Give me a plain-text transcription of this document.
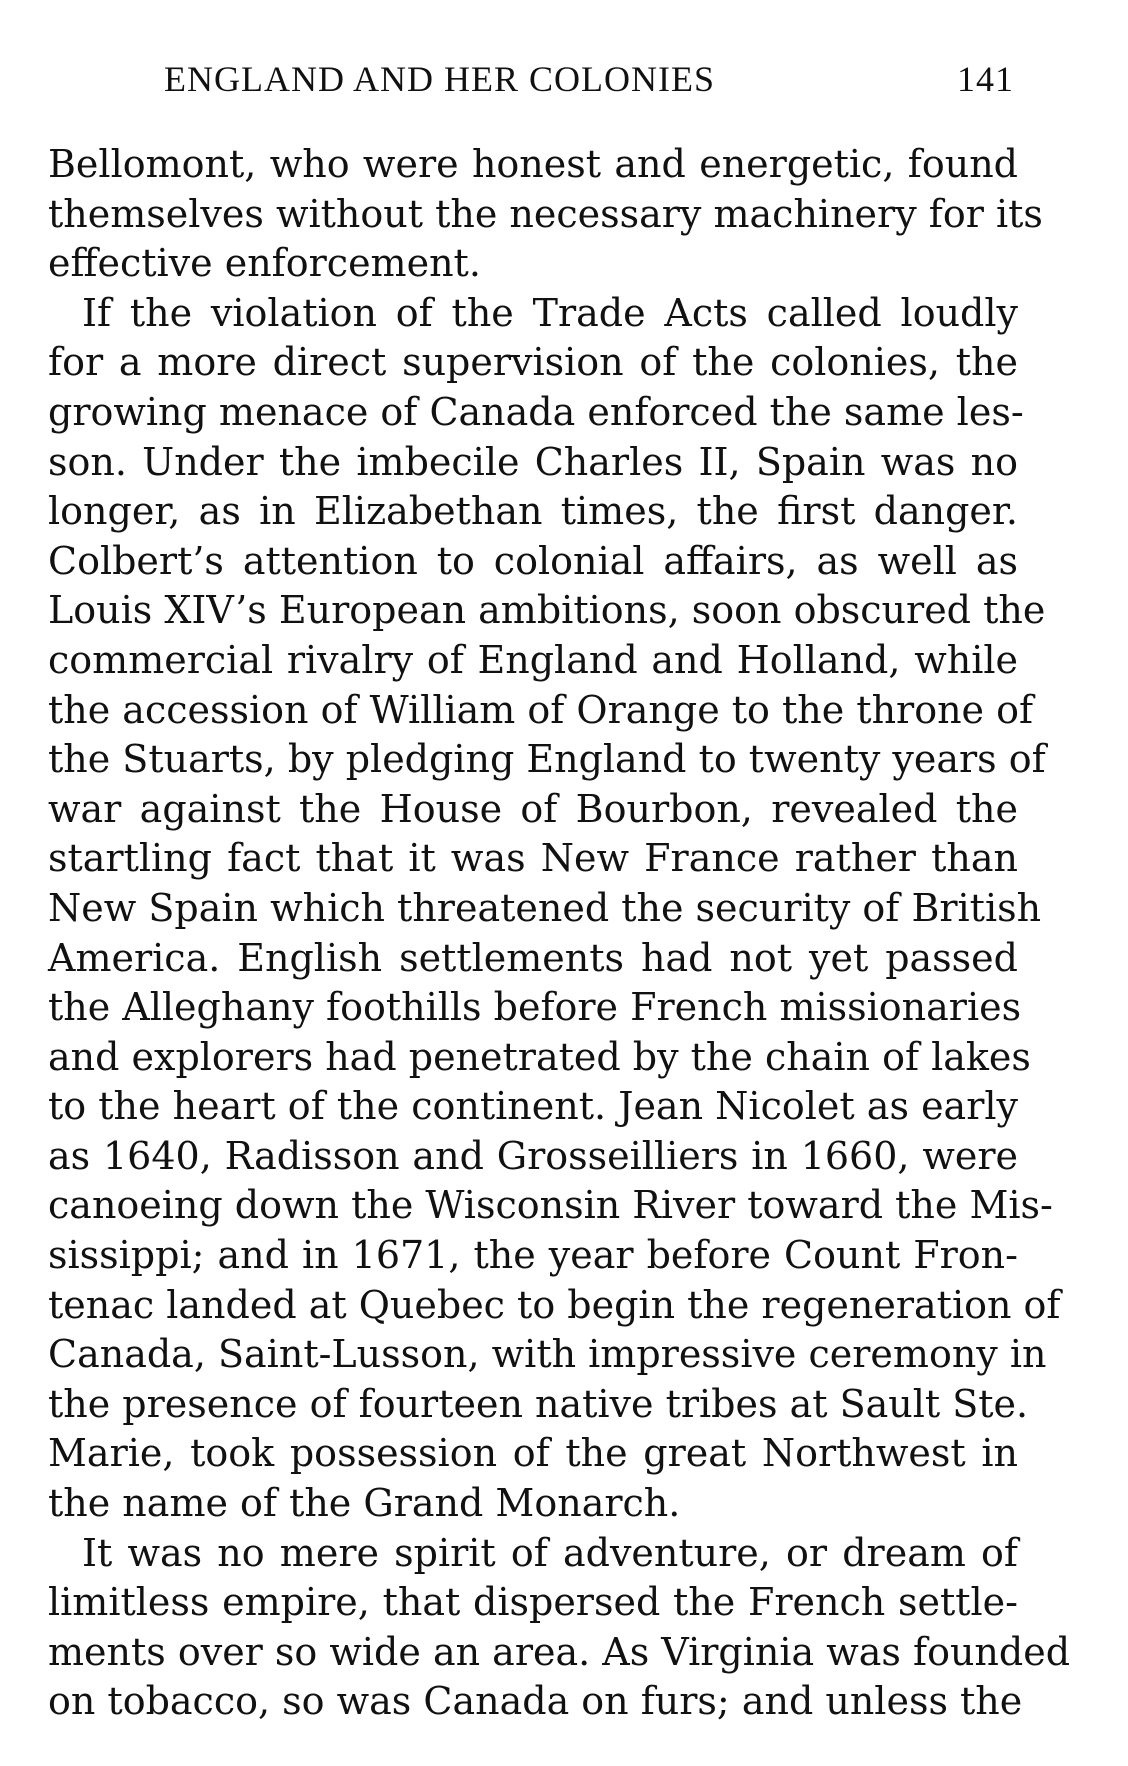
ENGLAND AND HER COLONIES	141
Bellomont, who were honest and energetic, found
themselves without the necessary machinery for its
effective enforcement.
If the violation of the Trade Acts called loudly
for a more direct supervision of the colonies, the
growing menace of Canada enforced the same les-
son. Under the imbecile Charles II, Spain was no
longer, as in Elizabethan times, the first danger.
Colbert’s attention to colonial affairs, as well as
Louis XIV’s European ambitions, soon obscured the
commercial rivalry of England and Holland, while
the accession of William of Orange to the throne of
the Stuarts, by pledging England to twenty years of
war against the House of Bourbon, revealed the
startling fact that it was New France rather than
New Spain which threatened the security of British
America. English settlements had not yet passed
the Alleghany foothills before French missionaries
and explorers had penetrated by the chain of lakes
to the heart of the continent. Jean Nicolet as early
as 1640, Radisson and Grosseilliers in 1660, were
canoeing down the Wisconsin River toward the Mis-
sissippi; and in 1671, the year before Count Fron-
tenac landed at Quebec to begin the regeneration of
Canada, Saint-Lusson, with impressive ceremony in
the presence of fourteen native tribes at Sault Ste.
Marie, took possession of the great Northwest in
the name of the Grand Monarch.
It was no mere spirit of adventure, or dream of
limitless empire, that dispersed the French settle-
ments over so wide an area. As Virginia was founded
on tobacco, so was Canada on furs; and unless the
